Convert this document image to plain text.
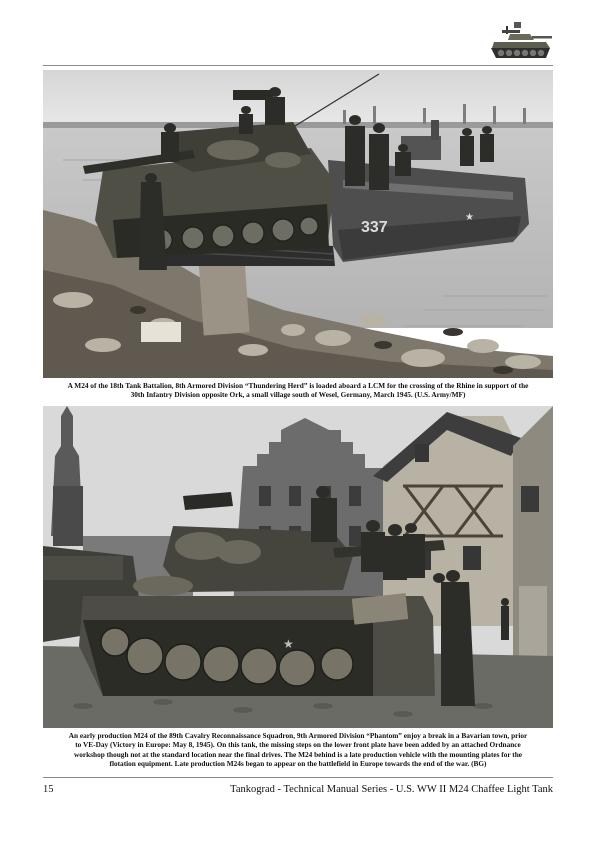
337
★
A M24 of the 18th Tank Battalion, 8th Armored Division “Thundering Herd” is loaded aboard a LCM for the crossing of the Rhine in support of the
30th Infantry Division opposite Ork, a small village south of Wesel, Germany, March 1945. (U.S. Army/MF)
★
An early production M24 of the 89th Cavalry Reconnaissance Squadron, 9th Armored Division “Phantom” enjoy a break in a Bavarian town, prior
to VE-Day (Victory in Europe: May 8, 1945). On this tank, the missing steps on the lower front plate have been added by an attached Ordnance
workshop though not at the standard location near the final drives. The M24 behind is a late production vehicle with the mounting plates for the
flotation equipment. Late production M24s began to appear on the battlefield in Europe towards the end of the war. (BG)
15	Tankograd - Technical Manual Series - U.S. WW II M24 Chaffee Light Tank
